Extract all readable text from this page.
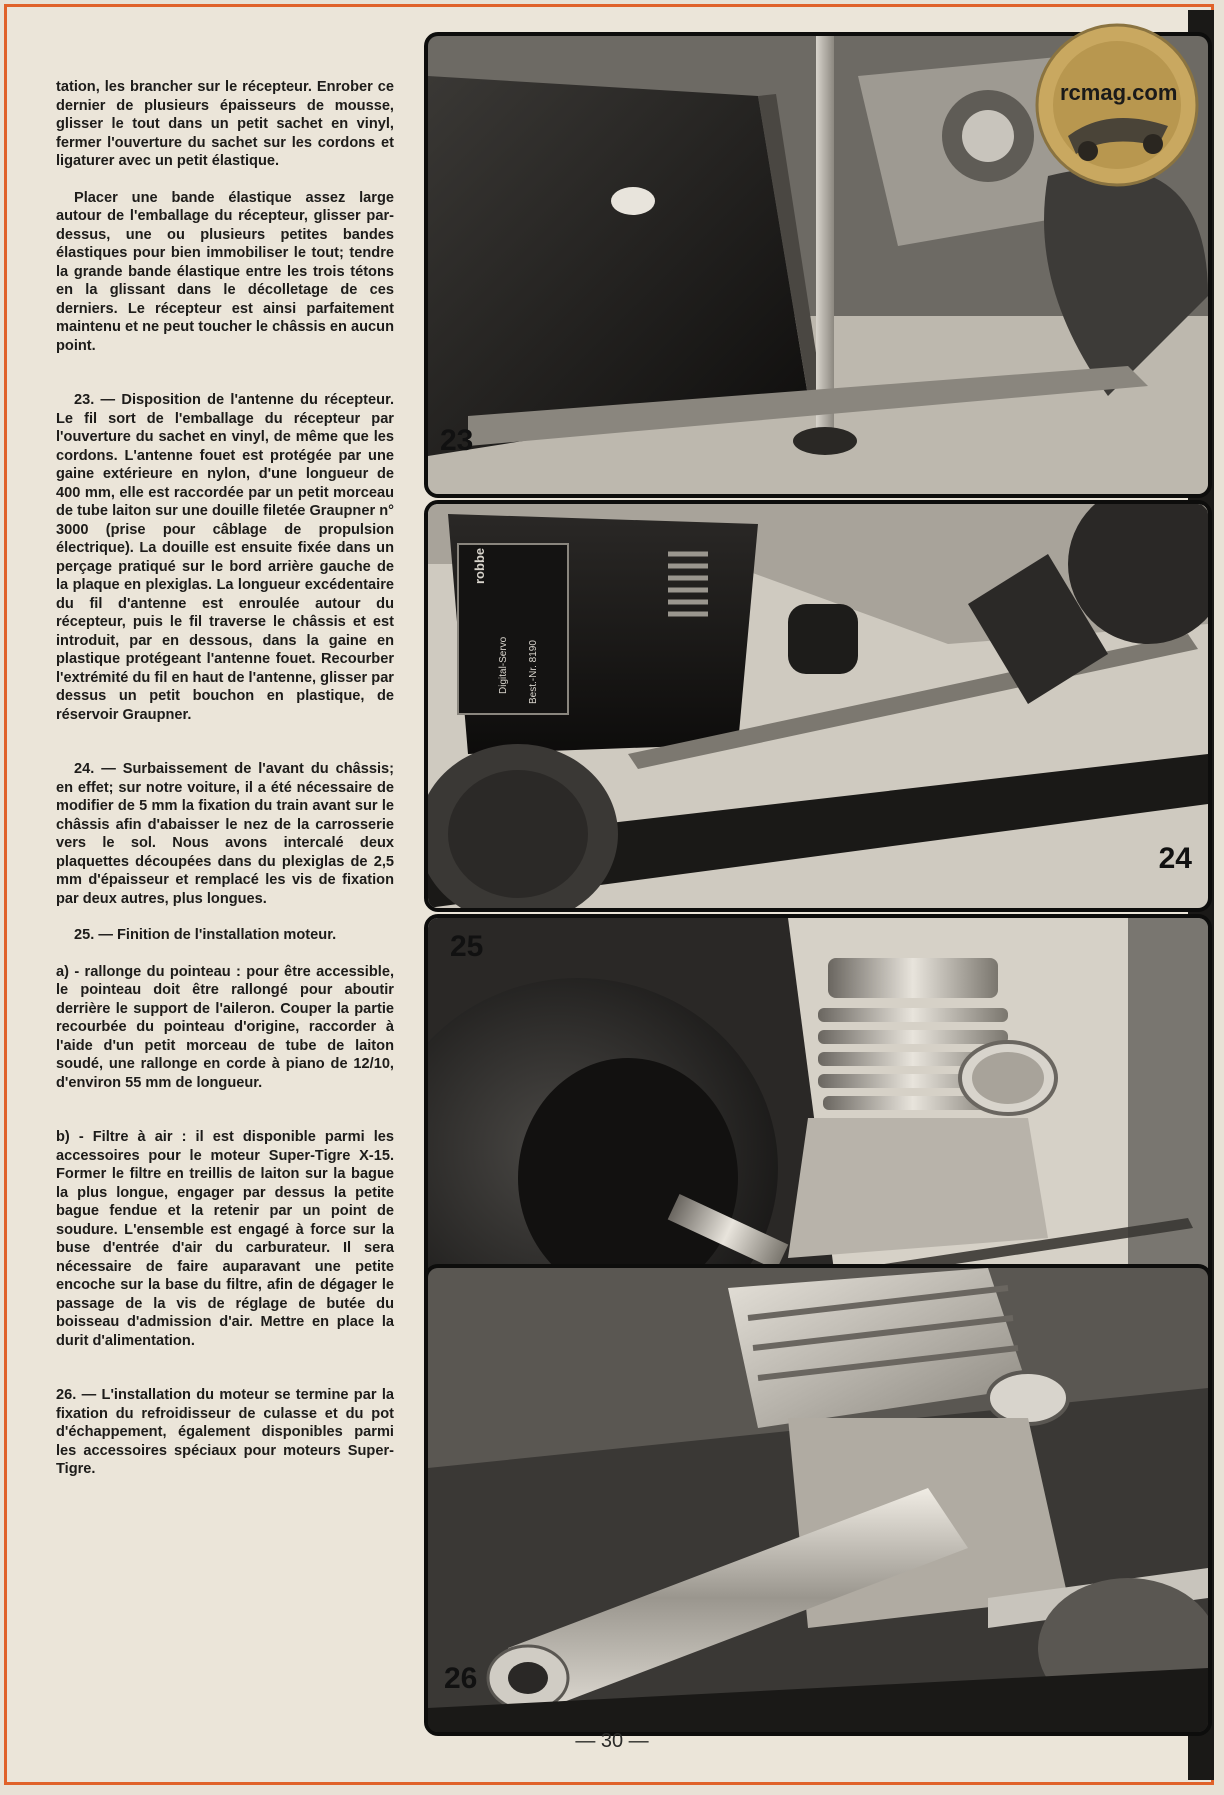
tation, les brancher sur le récepteur. Enrober ce dernier de plusieurs épaisseurs de mousse, glisser le tout dans un petit sachet en vinyl, fermer l'ouverture du sachet sur les cordons et ligaturer avec un petit élastique.

Placer une bande élastique assez large autour de l'emballage du récepteur, glisser par-dessus, une ou plusieurs petites bandes élastiques pour bien immobiliser le tout; tendre la grande bande élastique entre les trois tétons en la glissant dans le décolletage de ces derniers. Le récepteur est ainsi parfaitement maintenu et ne peut toucher le châssis en aucun point.

23. — Disposition de l'antenne du récepteur. Le fil sort de l'emballage du récepteur par l'ouverture du sachet en vinyl, de même que les cordons. L'antenne fouet est protégée par une gaine extérieure en nylon, d'une longueur de 400 mm, elle est raccordée par un petit morceau de tube laiton sur une douille filetée Graupner n° 3000 (prise pour câblage de propulsion électrique). La douille est ensuite fixée dans un perçage pratiqué sur le bord arrière gauche de la plaque en plexiglas. La longueur excédentaire du fil d'antenne est enroulée autour du récepteur, puis le fil traverse le châssis et est introduit, par en dessous, dans la gaine en plastique protégeant l'antenne fouet. Recourber l'extrémité du fil en haut de l'antenne, glisser par dessus un petit bouchon en plastique, de réservoir Graupner.

24. — Surbaissement de l'avant du châssis; en effet; sur notre voiture, il a été nécessaire de modifier de 5 mm la fixation du train avant sur le châssis afin d'abaisser le nez de la carrosserie vers le sol. Nous avons intercalé deux plaquettes découpées dans du plexiglas de 2,5 mm d'épaisseur et remplacé les vis de fixation par deux autres, plus longues.

25. — Finition de l'installation moteur.

a) - rallonge du pointeau : pour être accessible, le pointeau doit être rallongé pour aboutir derrière le support de l'aileron. Couper la partie recourbée du pointeau d'origine, raccorder à l'aide d'un petit morceau de tube de laiton soudé, une rallonge en corde à piano de 12/10, d'environ 55 mm de longueur.

b) - Filtre à air : il est disponible parmi les accessoires pour le moteur Super-Tigre X-15. Former le filtre en treillis de laiton sur la bague la plus longue, engager par dessus la petite bague fendue et la retenir par un point de soudure. L'ensemble est engagé à force sur la buse d'entrée d'air du carburateur. Il sera nécessaire de faire auparavant une petite encoche sur la base du filtre, afin de dégager le passage de la vis de réglage de butée du boisseau d'admission d'air. Mettre en place la durit d'alimentation.

26. — L'installation du moteur se termine par la fixation du refroidisseur de culasse et du pot d'échappement, également disponibles parmi les accessoires spéciaux pour moteurs Super-Tigre.

23
robbe
Digital-Servo Best.-Nr. 8190
24
25
26
rcmag.com
— 30 —
